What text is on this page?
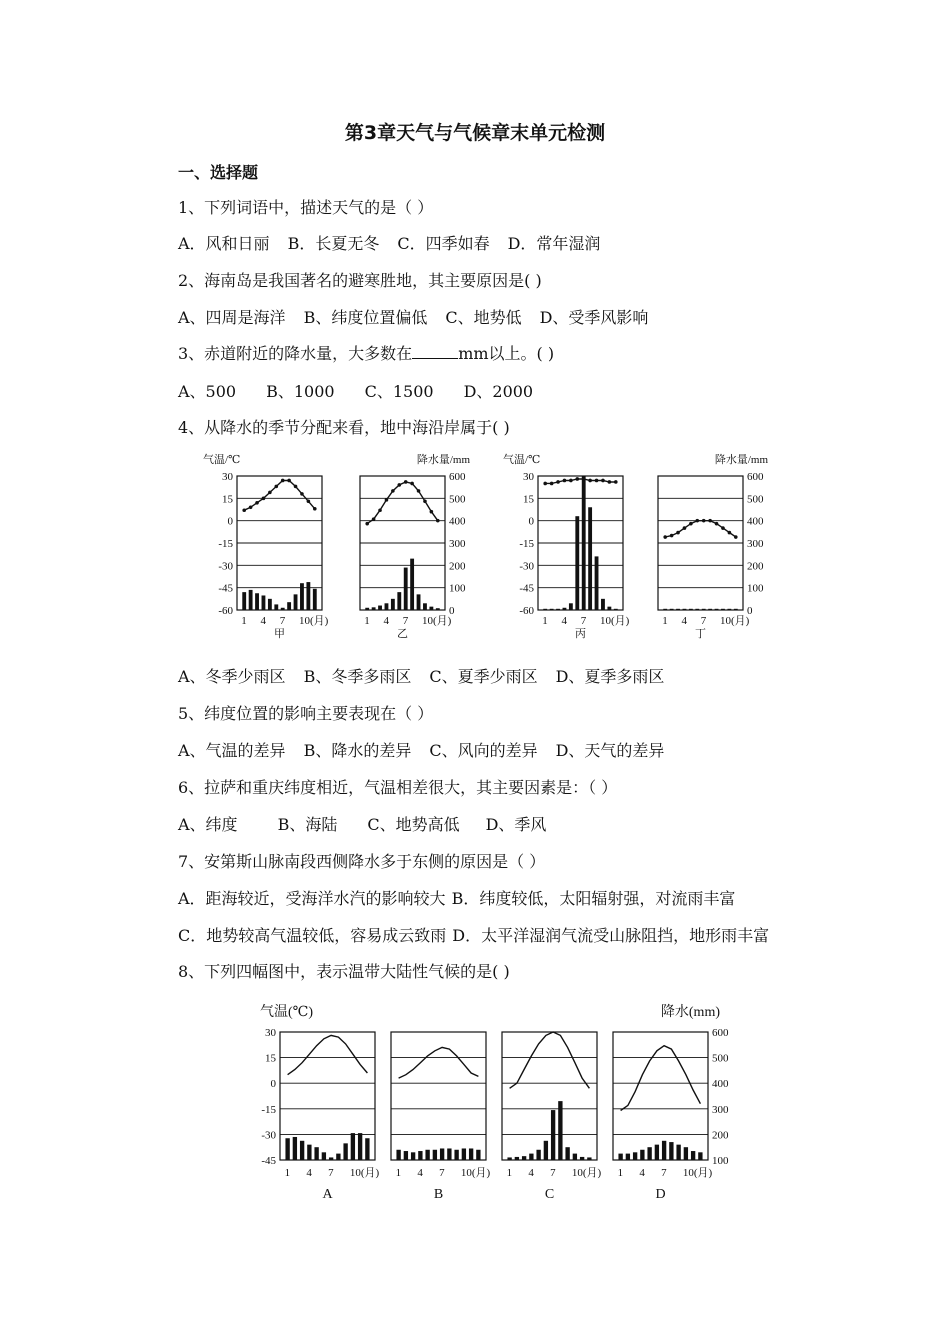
第3章天气与气候章末单元检测
一、选择题
1、下列词语中，描述天气的是（ ）
A．风和日丽 B．长夏无冬 C．四季如春 D．常年湿润
2、海南岛是我国著名的避寒胜地，其主要原因是( )
A、四周是海洋 B、纬度位置偏低 C、地势低 D、受季风影响
3、赤道附近的降水量，大多数在	mm以上。( )
A、500 B、1000 C、1500 D、2000
4、从降水的季节分配来看，地中海沿岸属于( )
气温/℃	降水量/mm
1 4 7 10(月)
甲
30
15
0
-15
-30
-45
-60
1 4 7 10(月)
乙
600
500
400
300
200
100
0
1 4 7 10(月)
丙
30
15
0
-15
-30
-45
-60
1 4 7 10(月)
丁
600
500
400
300
200
100
0
气温/℃	降水量/mm
A、冬季少雨区 B、冬季多雨区 C、夏季少雨区 D、夏季多雨区
5、纬度位置的影响主要表现在（ ）
A、气温的差异 B、降水的差异 C、风向的差异 D、天气的差异
6、拉萨和重庆纬度相近，气温相差很大，其主要因素是：（ ）
A、纬度	B、海陆 C、地势高低 D、季风
7、安第斯山脉南段西侧降水多于东侧的原因是（ ）
A．距海较近，受海洋水汽的影响较大 B．纬度较低，太阳辐射强，对流雨丰富
C．地势较高气温较低，容易成云致雨 D．太平洋湿润气流受山脉阻挡，地形雨丰富
8、下列四幅图中，表示温带大陆性气候的是( )
气温(℃)	降水(mm)
1 4 7 10(月)
A
30
15
0
-15
-30
-45
1 4 7 10(月)
B
1 4 7 10(月)
C
1 4 7 10(月)
D
600
500
400
300
200
100
